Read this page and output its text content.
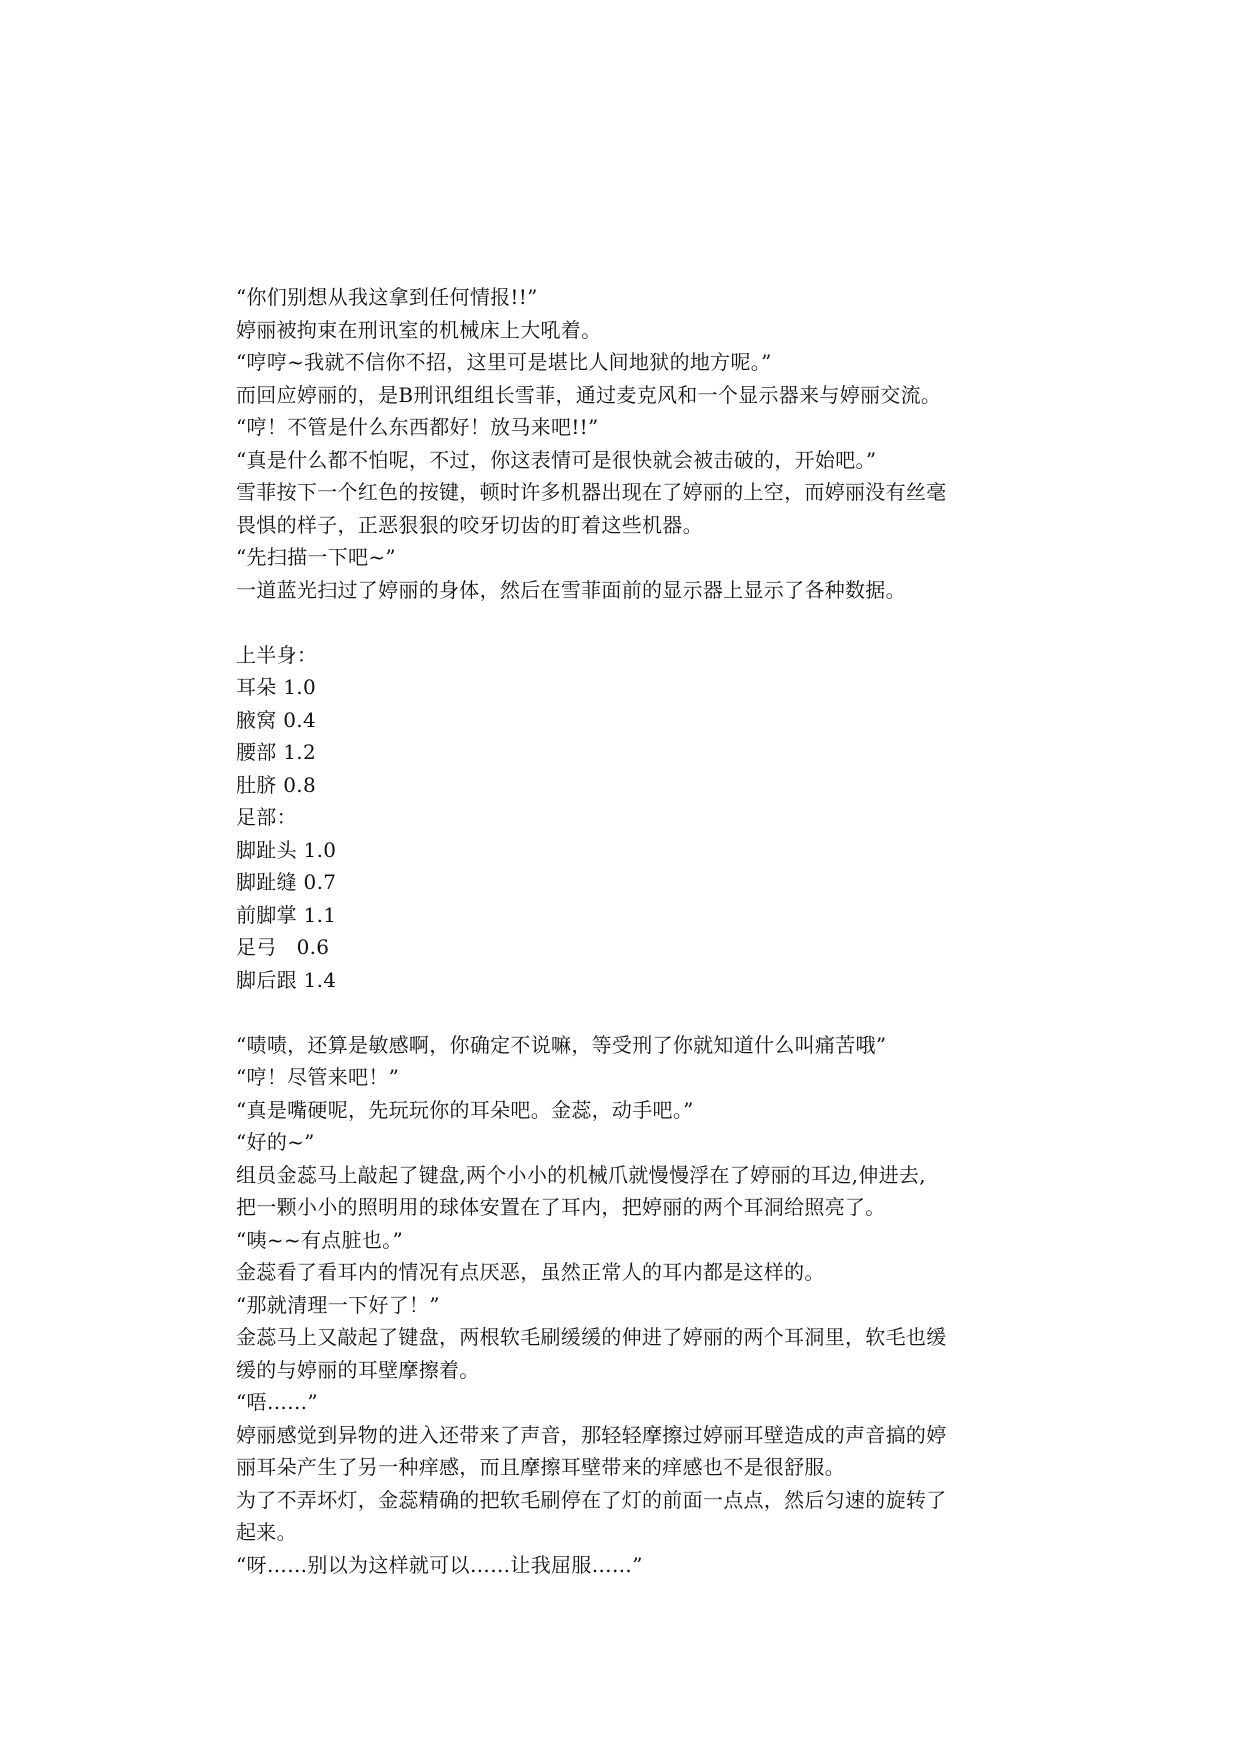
“你们别想从我这拿到任何情报!!”
婷丽被拘束在刑讯室的机械床上大吼着。
“哼哼~我就不信你不招，这里可是堪比人间地狱的地方呢。”
而回应婷丽的，是B刑讯组组长雪菲，通过麦克风和一个显示器来与婷丽交流。
“哼！不管是什么东西都好！放马来吧!!”
“真是什么都不怕呢，不过，你这表情可是很快就会被击破的，开始吧。”
雪菲按下一个红色的按键，顿时许多机器出现在了婷丽的上空，而婷丽没有丝毫
畏惧的样子，正恶狠狠的咬牙切齿的盯着这些机器。
“先扫描一下吧~”
一道蓝光扫过了婷丽的身体，然后在雪菲面前的显示器上显示了各种数据。
上半身：
耳朵 1.0
腋窝 0.4
腰部 1.2
肚脐 0.8
足部：
脚趾头 1.0
脚趾缝 0.7
前脚掌 1.1
足弓   0.6
脚后跟 1.4
“啧啧，还算是敏感啊，你确定不说嘛，等受刑了你就知道什么叫痛苦哦”
“哼！尽管来吧！”
“真是嘴硬呢，先玩玩你的耳朵吧。金蕊，动手吧。”
“好的~”
组员金蕊马上敲起了键盘,两个小小的机械爪就慢慢浮在了婷丽的耳边,伸进去,
把一颗小小的照明用的球体安置在了耳内，把婷丽的两个耳洞给照亮了。
“咦~~有点脏也。”
金蕊看了看耳内的情况有点厌恶，虽然正常人的耳内都是这样的。
“那就清理一下好了！”
金蕊马上又敲起了键盘，两根软毛刷缓缓的伸进了婷丽的两个耳洞里，软毛也缓
缓的与婷丽的耳壁摩擦着。
“唔……”
婷丽感觉到异物的进入还带来了声音，那轻轻摩擦过婷丽耳壁造成的声音搞的婷
丽耳朵产生了另一种痒感，而且摩擦耳壁带来的痒感也不是很舒服。
为了不弄坏灯，金蕊精确的把软毛刷停在了灯的前面一点点，然后匀速的旋转了
起来。
“呀……别以为这样就可以……让我屈服……”
